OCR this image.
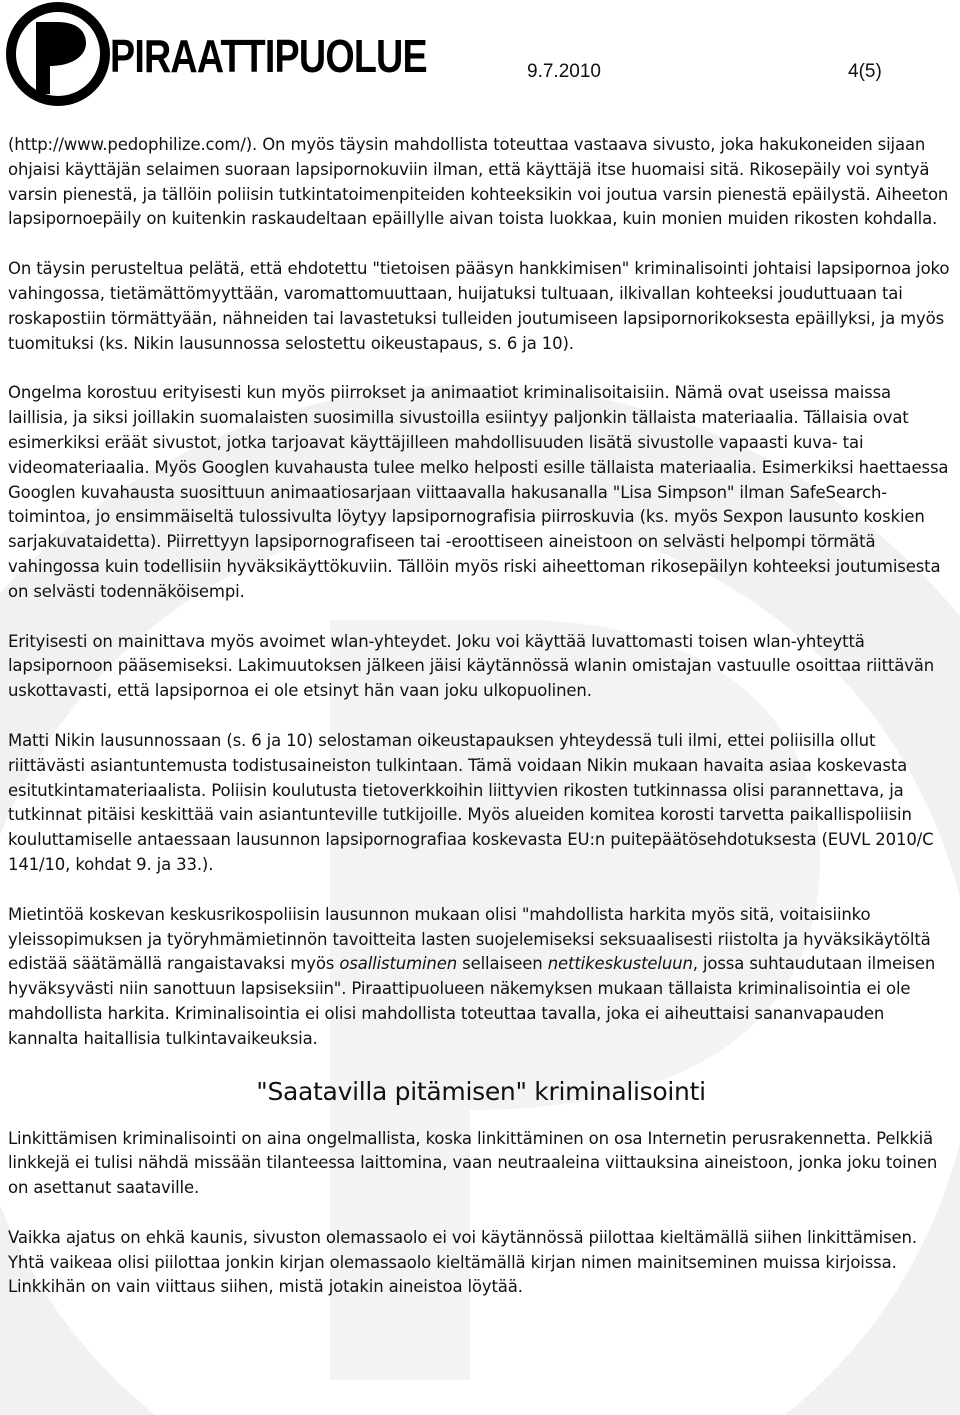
PIRAATTIPUOLUE	9.7.2010	4(5)

(http://www.pedophilize.com/). On myös täysin mahdollista toteuttaa vastaava sivusto, joka hakukoneiden sijaan ohjaisi käyttäjän selaimen suoraan lapsipornokuviin ilman, että käyttäjä itse huomaisi sitä. Rikosepäily voi syntyä varsin pienestä, ja tällöin poliisin tutkintatoimenpiteiden kohteeksikin voi joutua varsin pienestä epäilystä. Aiheeton lapsipornoepäily on kuitenkin raskaudeltaan epäillylle aivan toista luokkaa, kuin monien muiden rikosten kohdalla.

On täysin perusteltua pelätä, että ehdotettu "tietoisen pääsyn hankkimisen" kriminalisointi johtaisi lapsipornoa joko vahingossa, tietämättömyyttään, varomattomuuttaan, huijatuksi tultuaan, ilkivallan kohteeksi jouduttuaan tai roskapostiin törmättyään, nähneiden tai lavastetuksi tulleiden joutumiseen lapsipornorikoksesta epäillyksi, ja myös tuomituksi (ks. Nikin lausunnossa selostettu oikeustapaus, s. 6 ja 10).

Ongelma korostuu erityisesti kun myös piirrokset ja animaatiot kriminalisoitaisiin. Nämä ovat useissa maissa laillisia, ja siksi joillakin suomalaisten suosimilla sivustoilla esiintyy paljonkin tällaista materiaalia. Tällaisia ovat esimerkiksi eräät sivustot, jotka tarjoavat käyttäjilleen mahdollisuuden lisätä sivustolle vapaasti kuva- tai videomateriaalia. Myös Googlen kuvahausta tulee melko helposti esille tällaista materiaalia. Esimerkiksi haettaessa Googlen kuvahausta suosittuun animaatiosarjaan viittaavalla hakusanalla "Lisa Simpson" ilman SafeSearch-toimintoa, jo ensimmäiseltä tulossivulta löytyy lapsipornografisia piirroskuvia (ks. myös Sexpon lausunto koskien sarjakuvataidetta). Piirrettyyn lapsipornografiseen tai -eroottiseen aineistoon on selvästi helpompi törmätä vahingossa kuin todellisiin hyväksikäyttökuviin. Tällöin myös riski aiheettoman rikosepäilyn kohteeksi joutumisesta on selvästi todennäköisempi.

Erityisesti on mainittava myös avoimet wlan-yhteydet. Joku voi käyttää luvattomasti toisen wlan-yhteyttä lapsipornoon pääsemiseksi. Lakimuutoksen jälkeen jäisi käytännössä wlanin omistajan vastuulle osoittaa riittävän uskottavasti, että lapsipornoa ei ole etsinyt hän vaan joku ulkopuolinen.

Matti Nikin lausunnossaan (s. 6 ja 10) selostaman oikeustapauksen yhteydessä tuli ilmi, ettei poliisilla ollut riittävästi asiantuntemusta todistusaineiston tulkintaan. Tämä voidaan Nikin mukaan havaita asiaa koskevasta esitutkintamateriaalista. Poliisin koulutusta tietoverkkoihin liittyvien rikosten tutkinnassa olisi parannettava, ja tutkinnat pitäisi keskittää vain asiantunteville tutkijoille. Myös alueiden komitea korosti tarvetta paikallispoliisin kouluttamiselle antaessaan lausunnon lapsipornografiaa koskevasta EU:n puitepäätösehdotuksesta (EUVL 2010/C 141/10, kohdat 9. ja 33.).

Mietintöä koskevan keskusrikospoliisin lausunnon mukaan olisi "mahdollista harkita myös sitä, voitaisiinko yleissopimuksen ja työryhmämietinnön tavoitteita lasten suojelemiseksi seksuaalisesti riistolta ja hyväksikäytöltä edistää säätämällä rangaistavaksi myös osallistuminen sellaiseen nettikeskusteluun, jossa suhtaudutaan ilmeisen hyväksyvästi niin sanottuun lapsiseksiin". Piraattipuolueen näkemyksen mukaan tällaista kriminalisointia ei ole mahdollista harkita. Kriminalisointia ei olisi mahdollista toteuttaa tavalla, joka ei aiheuttaisi sananvapauden kannalta haitallisia tulkintavaikeuksia.

"Saatavilla pitämisen" kriminalisointi

Linkittämisen kriminalisointi on aina ongelmallista, koska linkittäminen on osa Internetin perusrakennetta. Pelkkiä linkkejä ei tulisi nähdä missään tilanteessa laittomina, vaan neutraaleina viittauksina aineistoon, jonka joku toinen on asettanut saataville.

Vaikka ajatus on ehkä kaunis, sivuston olemassaolo ei voi käytännössä piilottaa kieltämällä siihen linkittämisen. Yhtä vaikeaa olisi piilottaa jonkin kirjan olemassaolo kieltämällä kirjan nimen mainitseminen muissa kirjoissa. Linkkihän on vain viittaus siihen, mistä jotakin aineistoa löytää.
